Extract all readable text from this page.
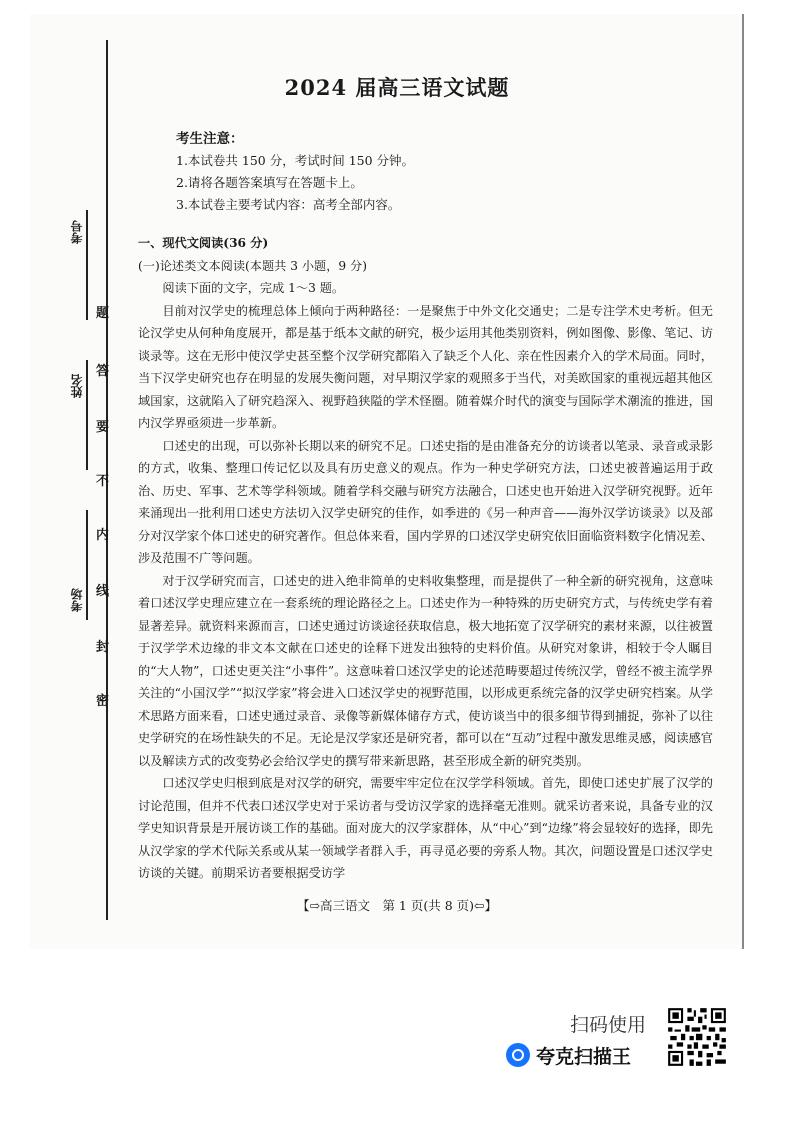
考号
姓名
考场
题
答
要
不
内
线
封
密
2024 届高三语文试题
考生注意：
1.本试卷共 150 分，考试时间 150 分钟。
2.请将各题答案填写在答题卡上。
3.本试卷主要考试内容：高考全部内容。

一、现代文阅读(36 分)

(一)论述类文本阅读(本题共 3 小题，9 分)

阅读下面的文字，完成 1～3 题。

目前对汉学史的梳理总体上倾向于两种路径：一是聚焦于中外文化交通史；二是专注学术史考析。但无论汉学史从何种角度展开，都是基于纸本文献的研究，极少运用其他类别资料，例如图像、影像、笔记、访谈录等。这在无形中使汉学史甚至整个汉学研究都陷入了缺乏个人化、亲在性因素介入的学术局面。同时，当下汉学史研究也存在明显的发展失衡问题，对早期汉学家的观照多于当代，对美欧国家的重视远超其他区域国家，这就陷入了研究趋深入、视野趋狭隘的学术怪圈。随着媒介时代的演变与国际学术潮流的推进，国内汉学界亟须进一步革新。

口述史的出现，可以弥补长期以来的研究不足。口述史指的是由准备充分的访谈者以笔录、录音或录影的方式，收集、整理口传记忆以及具有历史意义的观点。作为一种史学研究方法，口述史被普遍运用于政治、历史、军事、艺术等学科领域。随着学科交融与研究方法融合，口述史也开始进入汉学研究视野。近年来涌现出一批利用口述史方法切入汉学史研究的佳作，如季进的《另一种声音——海外汉学访谈录》以及部分对汉学家个体口述史的研究著作。但总体来看，国内学界的口述汉学史研究依旧面临资料数字化情况差、涉及范围不广等问题。

对于汉学研究而言，口述史的进入绝非简单的史料收集整理，而是提供了一种全新的研究视角，这意味着口述汉学史理应建立在一套系统的理论路径之上。口述史作为一种特殊的历史研究方式，与传统史学有着显著差异。就资料来源而言，口述史通过访谈途径获取信息，极大地拓宽了汉学研究的素材来源，以往被置于汉学学术边缘的非文本文献在口述史的诠释下迸发出独特的史料价值。从研究对象讲，相较于令人瞩目的“大人物”，口述史更关注“小事件”。这意味着口述汉学史的论述范畴要超过传统汉学，曾经不被主流学界关注的“小国汉学”“拟汉学家”将会进入口述汉学史的视野范围，以形成更系统完备的汉学史研究档案。从学术思路方面来看，口述史通过录音、录像等新媒体储存方式，使访谈当中的很多细节得到捕捉，弥补了以往史学研究的在场性缺失的不足。无论是汉学家还是研究者，都可以在“互动”过程中激发思维灵感，阅读感官以及解读方式的改变势必会给汉学史的撰写带来新思路，甚至形成全新的研究类别。

口述汉学史归根到底是对汉学的研究，需要牢牢定位在汉学学科领域。首先，即使口述史扩展了汉学的讨论范围，但并不代表口述汉学史对于采访者与受访汉学家的选择毫无准则。就采访者来说，具备专业的汉学史知识背景是开展访谈工作的基础。面对庞大的汉学家群体，从“中心”到“边缘”将会显较好的选择，即先从汉学家的学术代际关系或从某一领域学者群入手，再寻觅必要的旁系人物。其次，问题设置是口述汉学史访谈的关键。前期采访者要根据受访学

【⇨高三语文　第 1 页(共 8 页)⇦】
扫码使用
夸克扫描王
